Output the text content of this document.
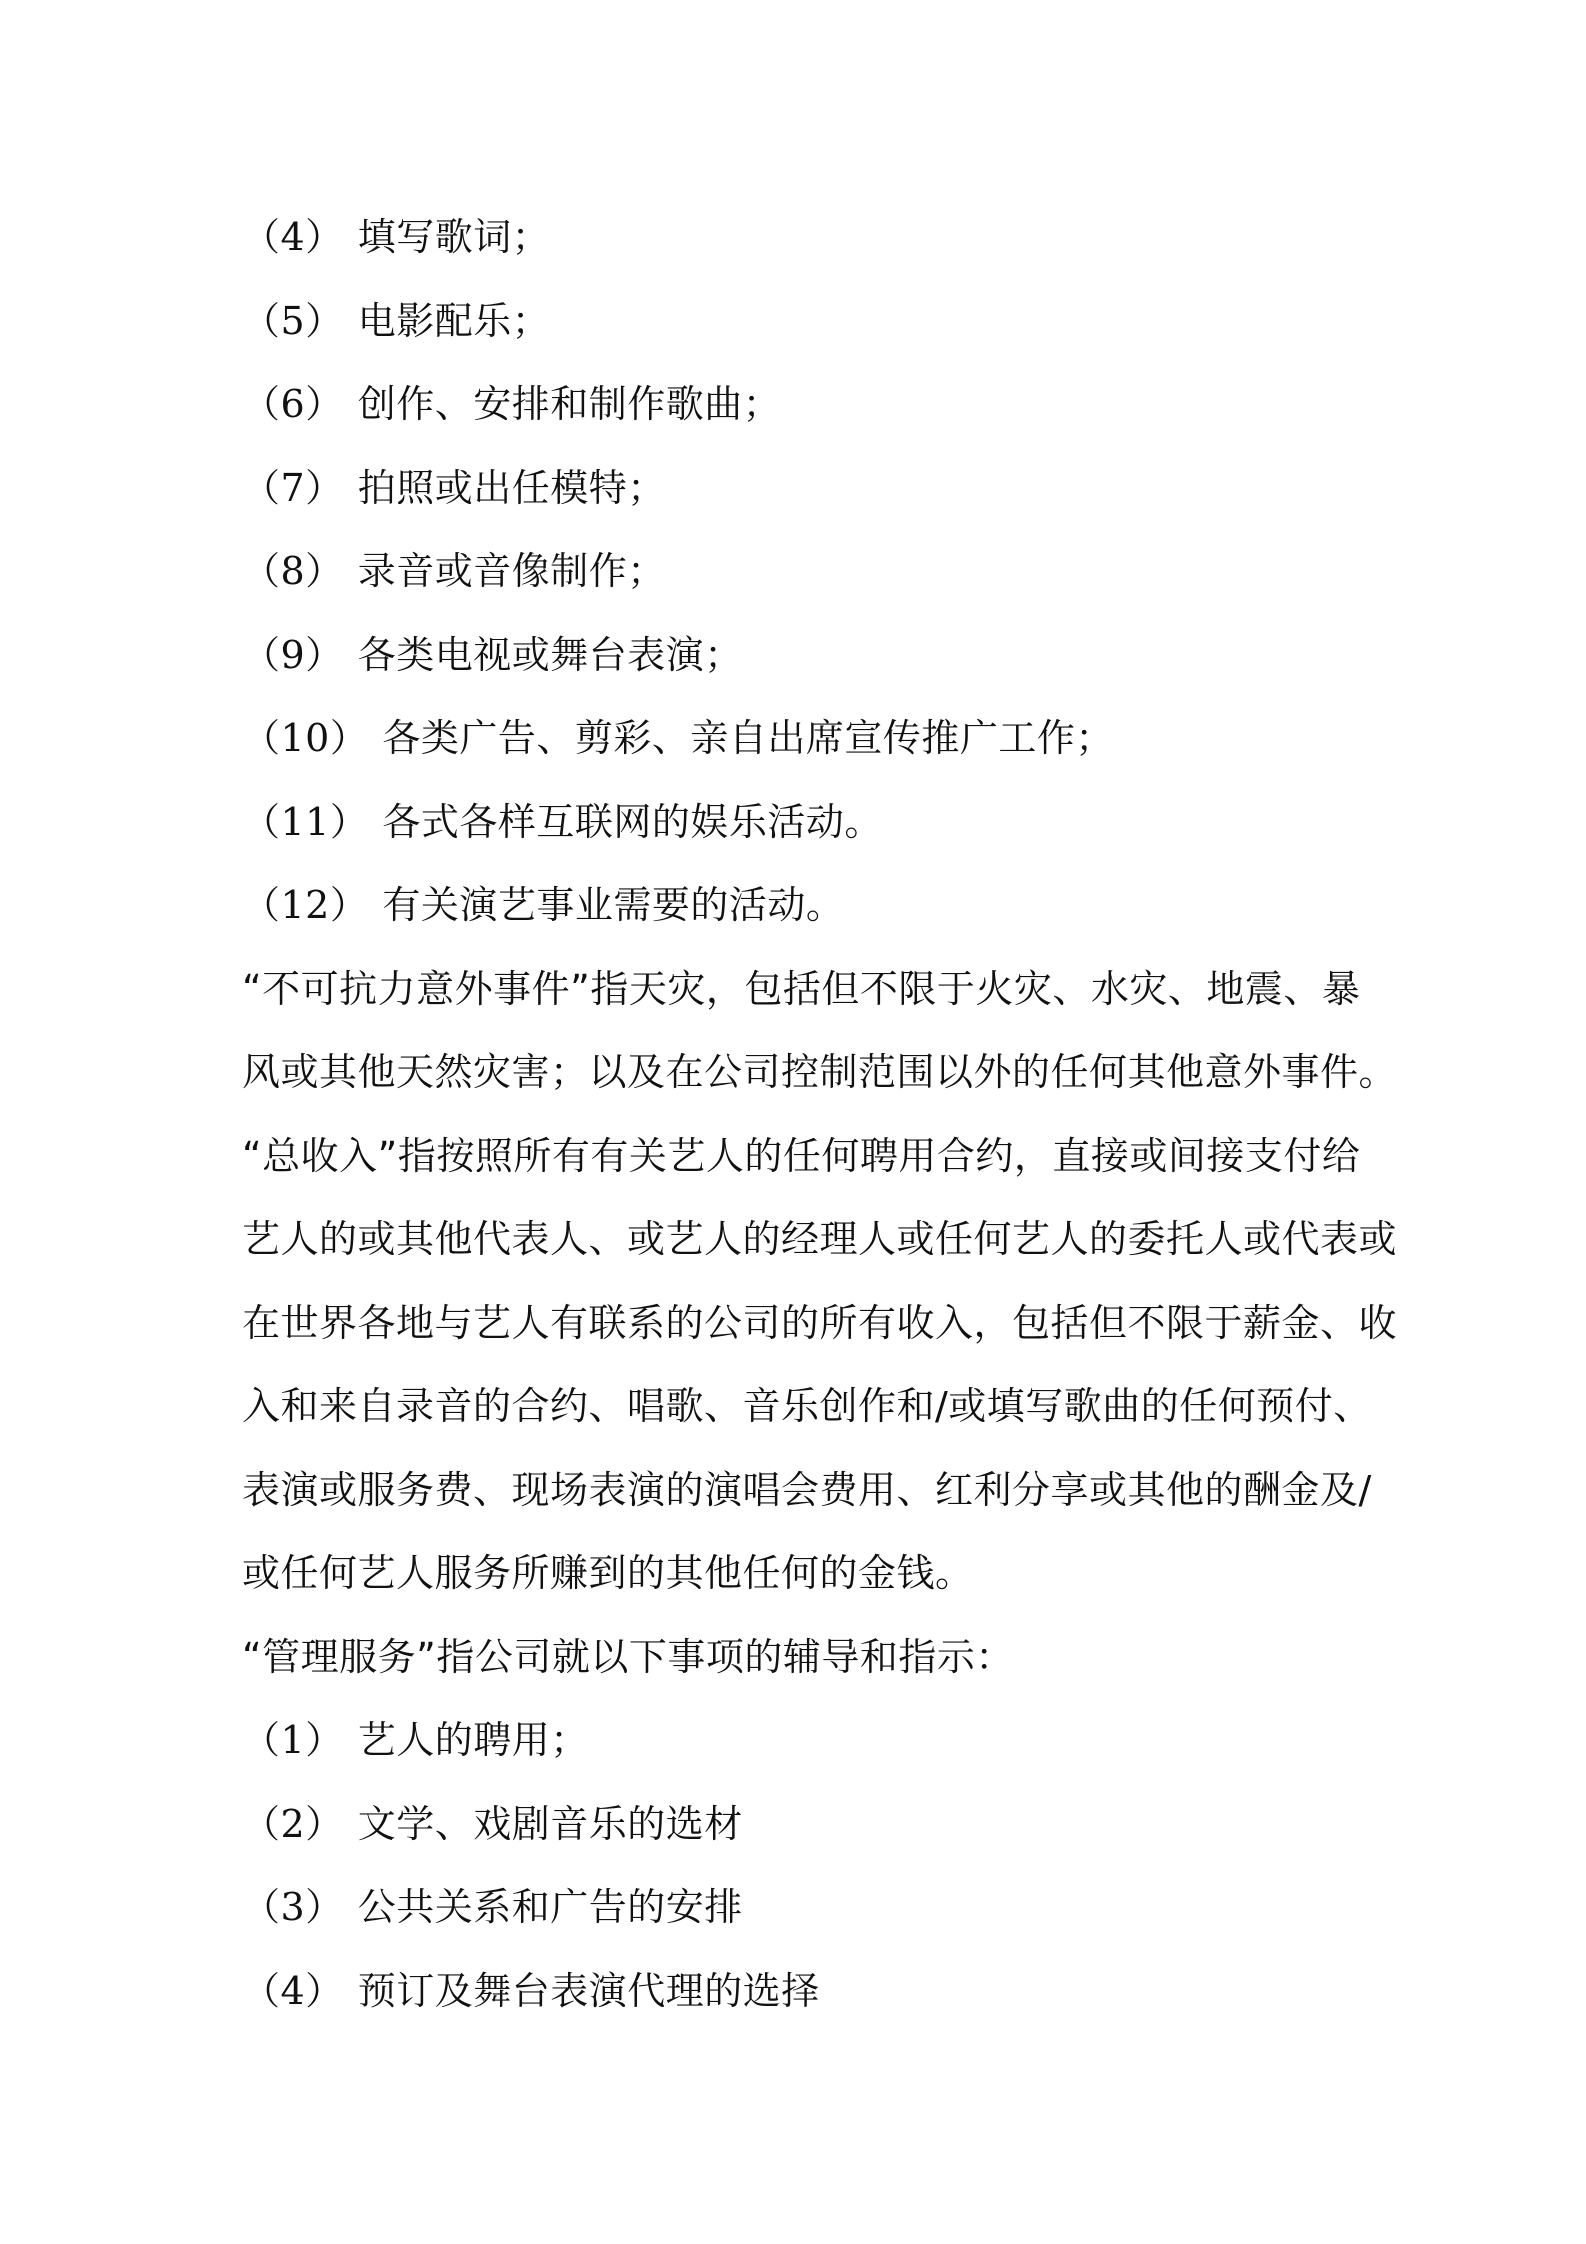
（4） 填写歌词；
（5） 电影配乐；
（6） 创作、安排和制作歌曲；
（7） 拍照或出任模特；
（8） 录音或音像制作；
（9） 各类电视或舞台表演；
（10） 各类广告、剪彩、亲自出席宣传推广工作；
（11） 各式各样互联网的娱乐活动。
（12） 有关演艺事业需要的活动。
“不可抗力意外事件”指天灾，包括但不限于火灾、水灾、地震、暴
风或其他天然灾害；以及在公司控制范围以外的任何其他意外事件。
“总收入”指按照所有有关艺人的任何聘用合约，直接或间接支付给
艺人的或其他代表人、或艺人的经理人或任何艺人的委托人或代表或
在世界各地与艺人有联系的公司的所有收入，包括但不限于薪金、收
入和来自录音的合约、唱歌、音乐创作和/或填写歌曲的任何预付、
表演或服务费、现场表演的演唱会费用、红利分享或其他的酬金及/
或任何艺人服务所赚到的其他任何的金钱。
“管理服务”指公司就以下事项的辅导和指示：
（1） 艺人的聘用；
（2） 文学、戏剧音乐的选材
（3） 公共关系和广告的安排
（4） 预订及舞台表演代理的选择
